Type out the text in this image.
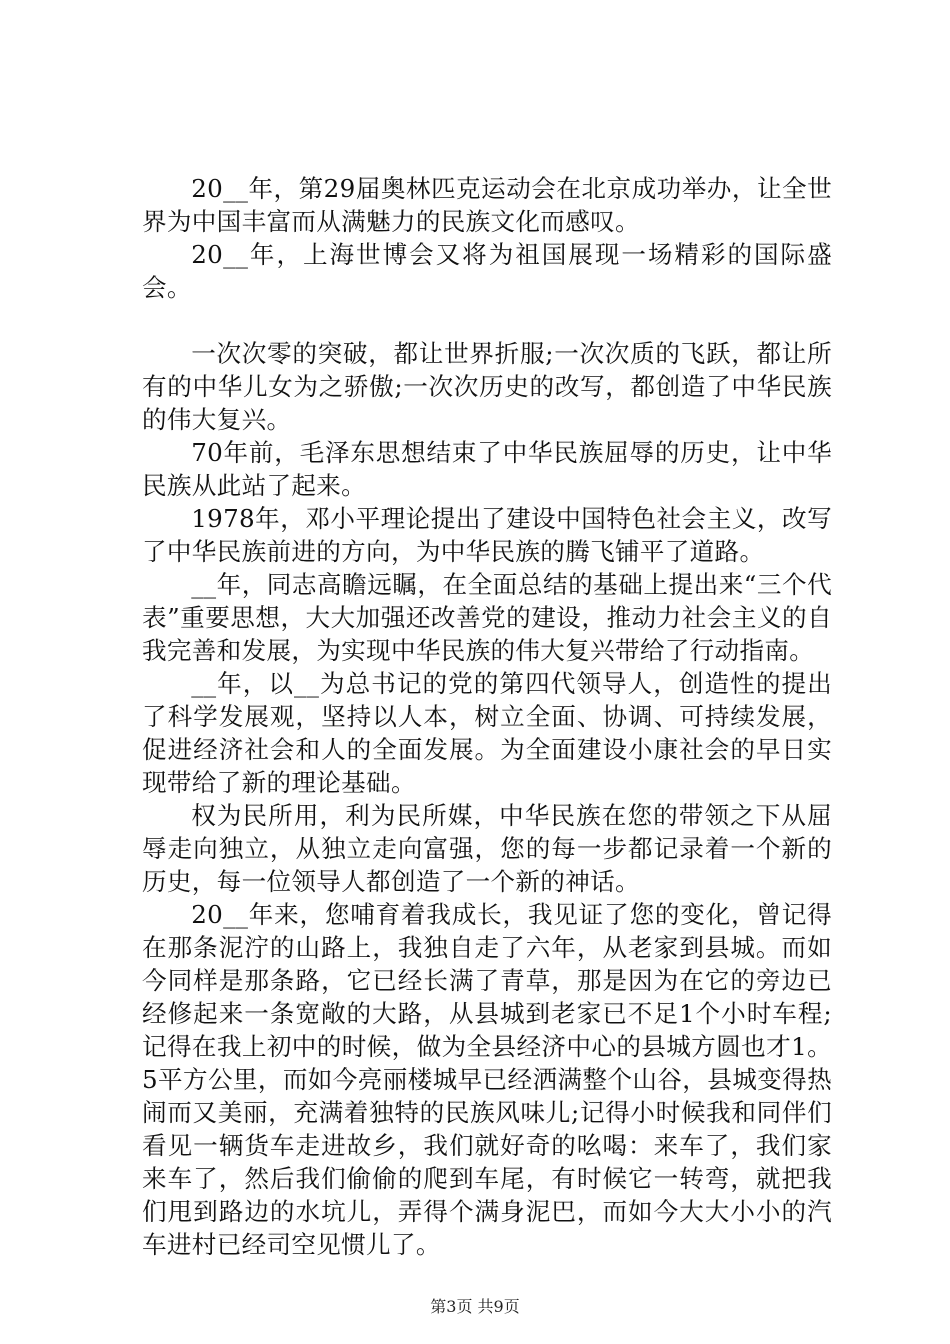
20__年，第29届奥林匹克运动会在北京成功举办，让全世界为中国丰富而从满魅力的民族文化而感叹。

20__年，上海世博会又将为祖国展现一场精彩的国际盛会。

一次次零的突破，都让世界折服;一次次质的飞跃，都让所有的中华儿女为之骄傲;一次次历史的改写，都创造了中华民族的伟大复兴。

70年前，毛泽东思想结束了中华民族屈辱的历史，让中华民族从此站了起来。

1978年，邓小平理论提出了建设中国特色社会主义，改写了中华民族前进的方向，为中华民族的腾飞铺平了道路。

__年，同志高瞻远瞩，在全面总结的基础上提出来“三个代表”重要思想，大大加强还改善党的建设，推动力社会主义的自我完善和发展，为实现中华民族的伟大复兴带给了行动指南。

__年，以__为总书记的党的第四代领导人，创造性的提出了科学发展观，坚持以人本，树立全面、协调、可持续发展，促进经济社会和人的全面发展。为全面建设小康社会的早日实现带给了新的理论基础。

权为民所用，利为民所媒，中华民族在您的带领之下从屈辱走向独立，从独立走向富强，您的每一步都记录着一个新的历史，每一位领导人都创造了一个新的神话。

20__年来，您哺育着我成长，我见证了您的变化，曾记得在那条泥泞的山路上，我独自走了六年，从老家到县城。而如今同样是那条路，它已经长满了青草，那是因为在它的旁边已经修起来一条宽敞的大路，从县城到老家已不足1个小时车程;记得在我上初中的时候，做为全县经济中心的县城方圆也才1。5平方公里，而如今亮丽楼城早已经洒满整个山谷，县城变得热闹而又美丽，充满着独特的民族风味儿;记得小时候我和同伴们看见一辆货车走进故乡，我们就好奇的吆喝：来车了，我们家来车了，然后我们偷偷的爬到车尾，有时候它一转弯，就把我们甩到路边的水坑儿，弄得个满身泥巴，而如今大大小小的汽车进村已经司空见惯儿了。

第3页 共9页
